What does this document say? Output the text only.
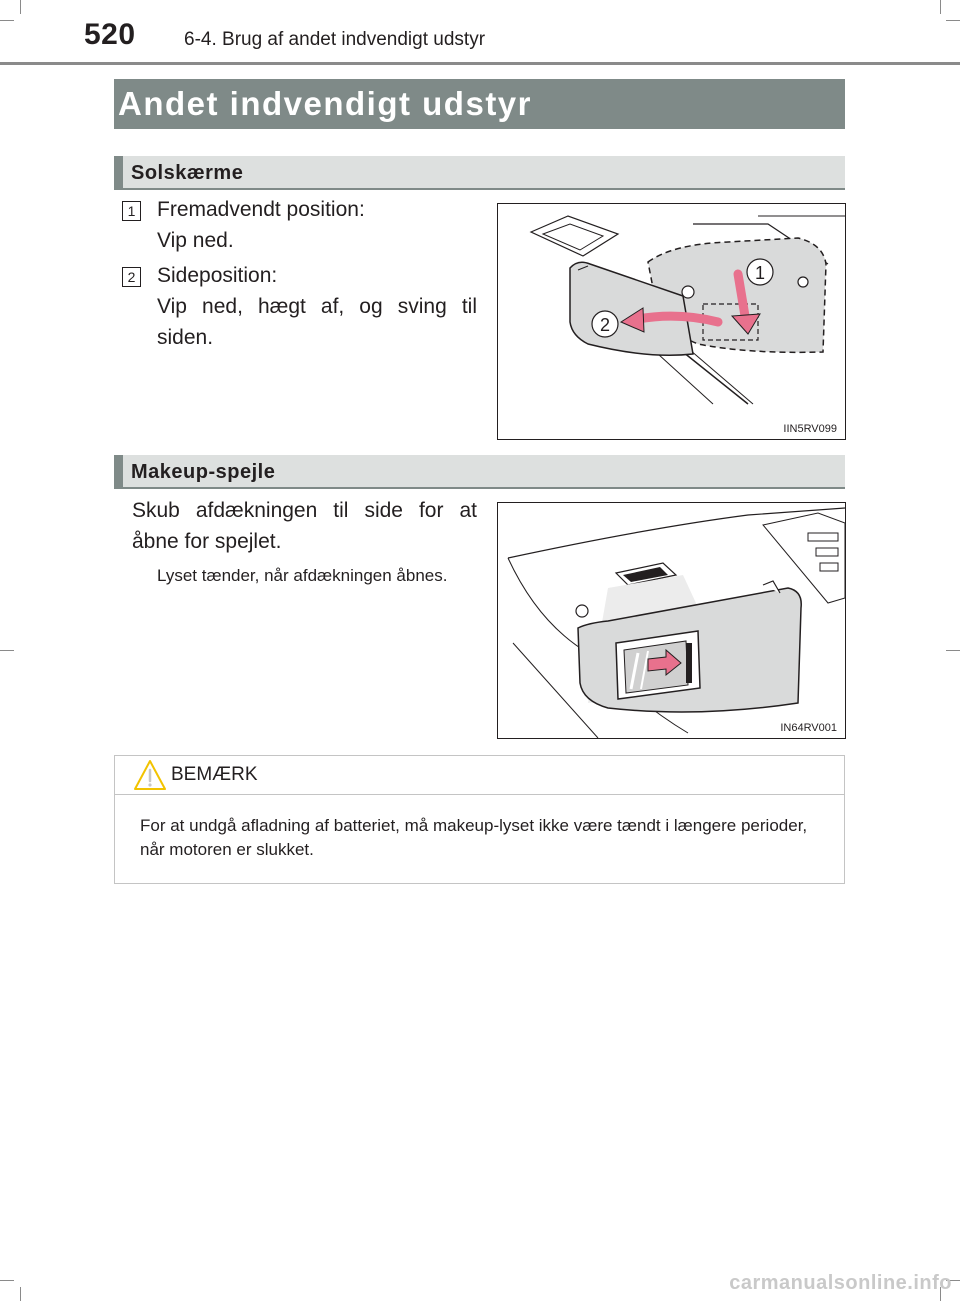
520	6-4. Brug af andet indvendigt udstyr
Andet indvendigt udstyr
Solskærme
1 Fremadvendt position:
Vip ned.
2 Sideposition:
Vip ned, hægt af, og sving til siden.
1
2
IIN5RV099
Makeup-spejle
Skub afdækningen til side for at åbne for spejlet.
Lyset tænder, når afdækningen åbnes.
IN64RV001
BEMÆRK
For at undgå afladning af batteriet, må makeup-lyset ikke være tændt i længere perioder, når motoren er slukket.
carmanualsonline.info
